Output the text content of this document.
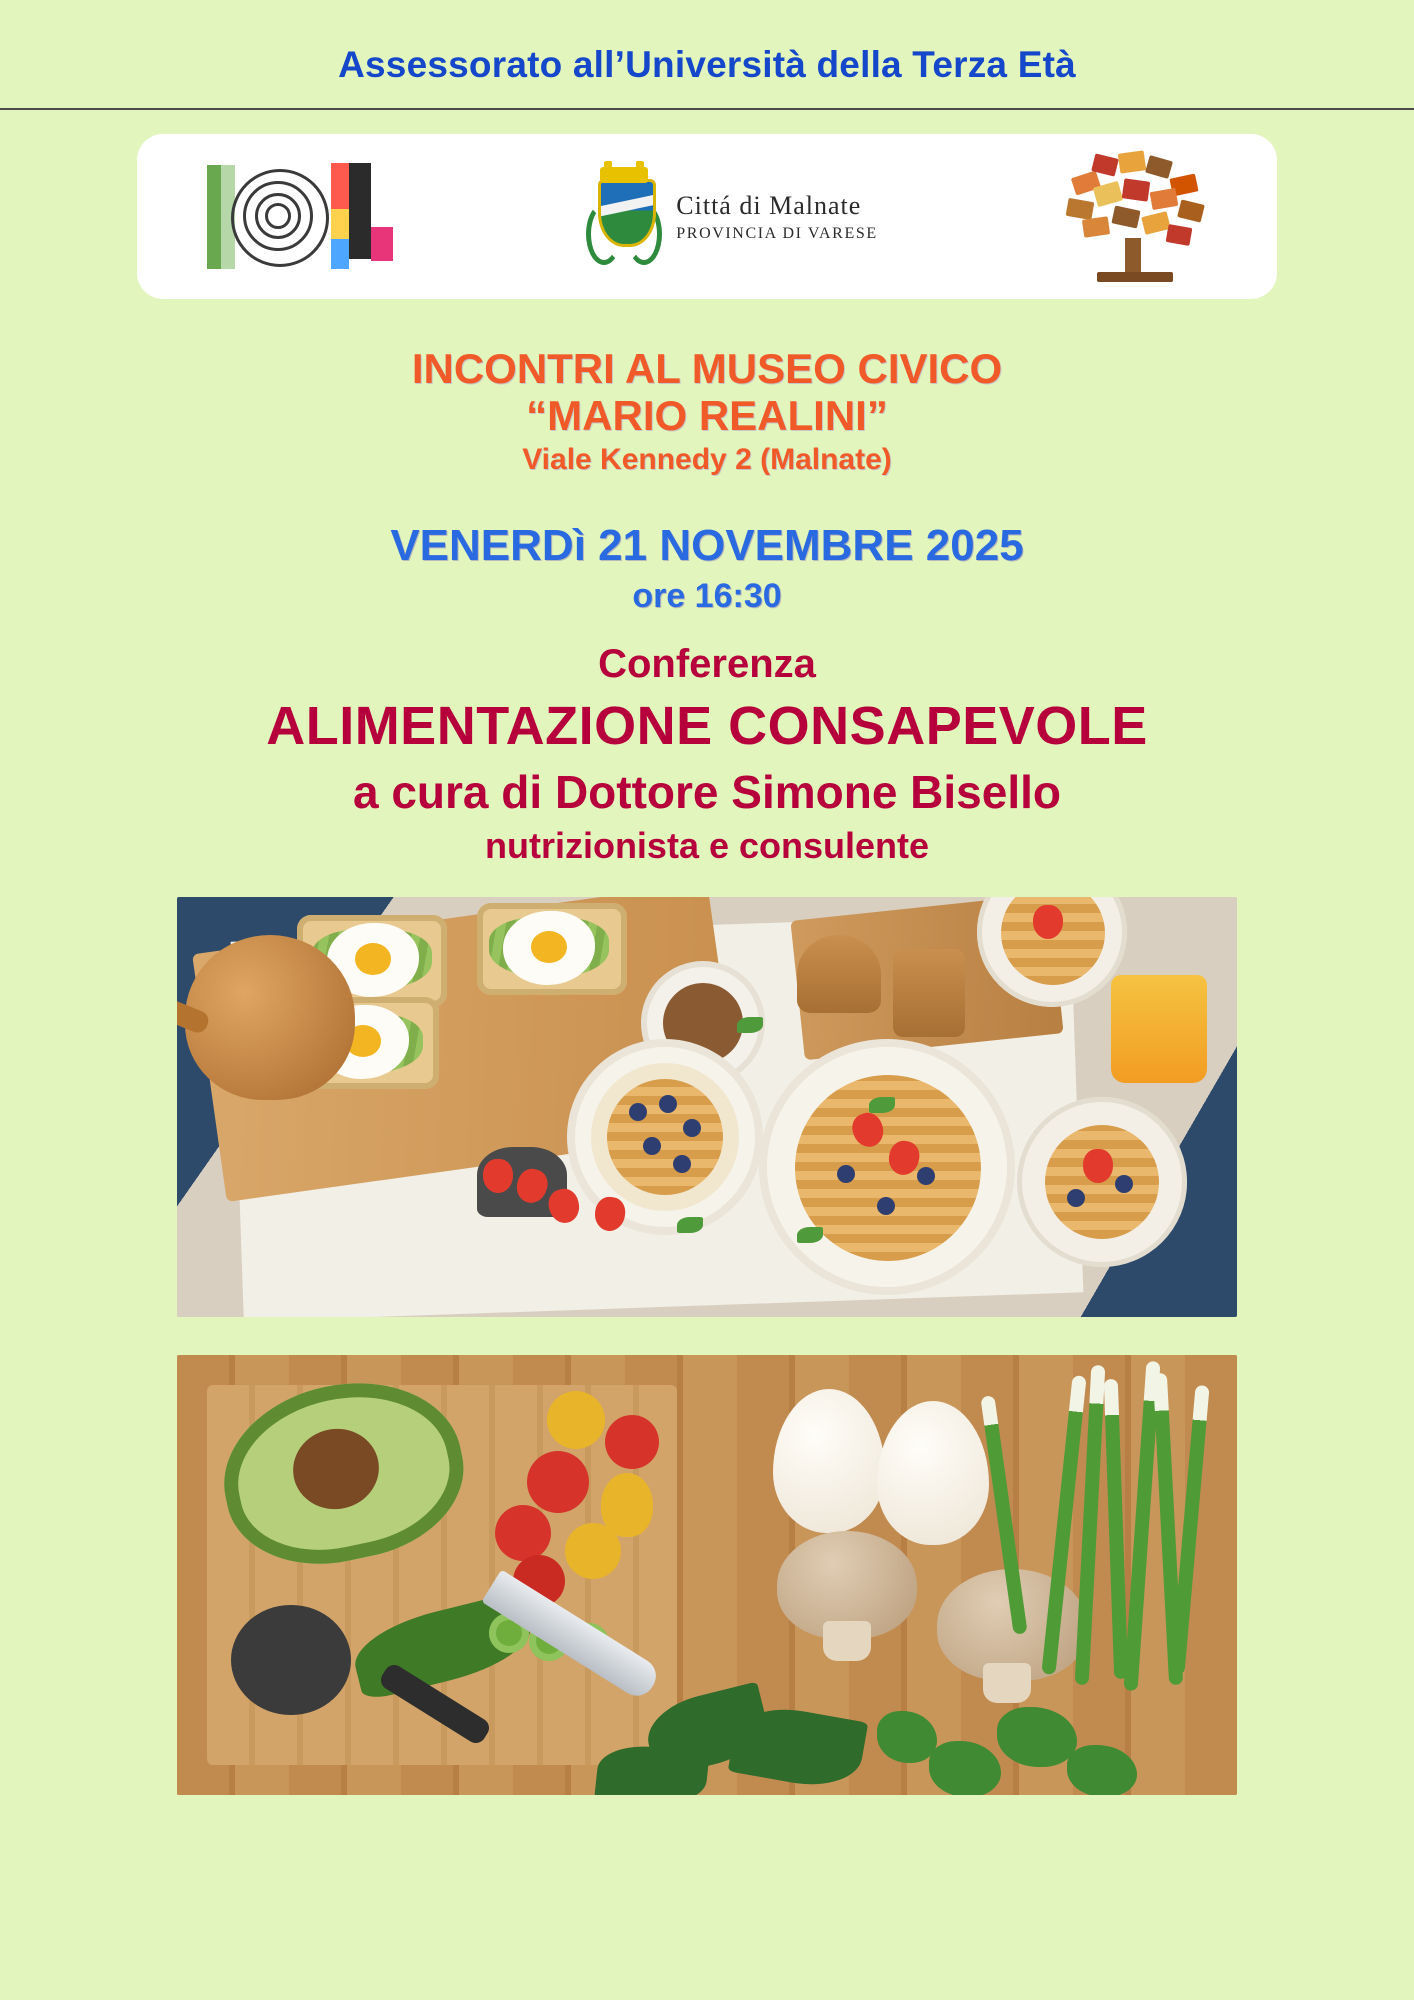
Assessorato all’Università della Terza Età
Cittá di Malnate
PROVINCIA DI VARESE
INCONTRI AL MUSEO CIVICO
“MARIO REALINI”
Viale Kennedy 2 (Malnate)
VENERDì 21 NOVEMBRE 2025
ore 16:30
Conferenza
ALIMENTAZIONE CONSAPEVOLE
a cura di Dottore Simone Bisello
nutrizionista e consulente
